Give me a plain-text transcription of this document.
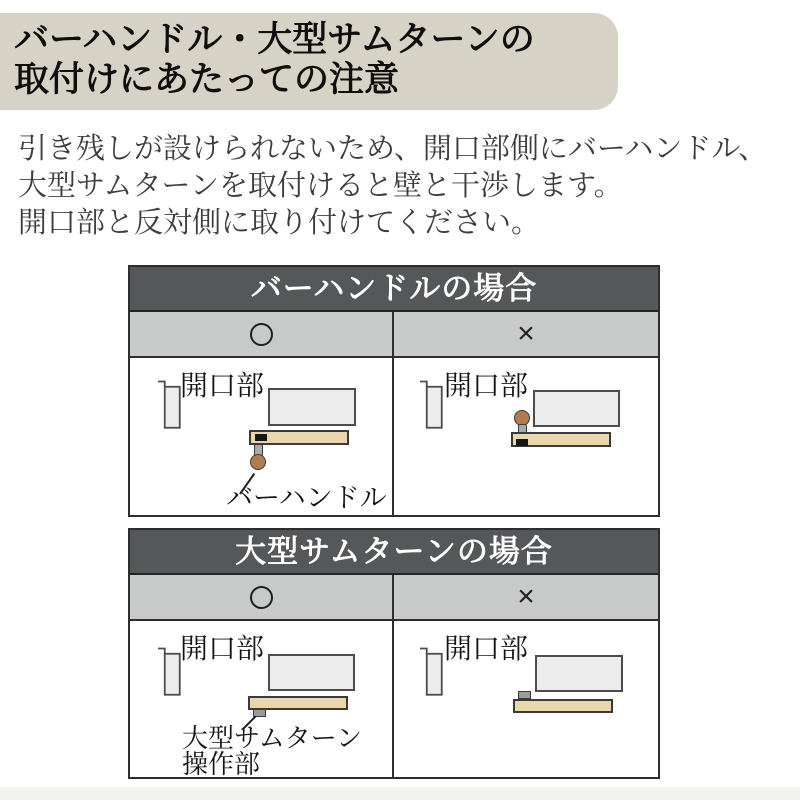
バーハンドル・大型サムターンの
取付けにあたっての注意
引き残しが設けられないため、開口部側にバーハンドル、
大型サムターンを取付けると壁と干渉します。
開口部と反対側に取り付けてください。
バーハンドルの場合
×
開口部
バーハンドル
開口部
大型サムターンの場合
×
開口部
大型サムターン
操作部
開口部
